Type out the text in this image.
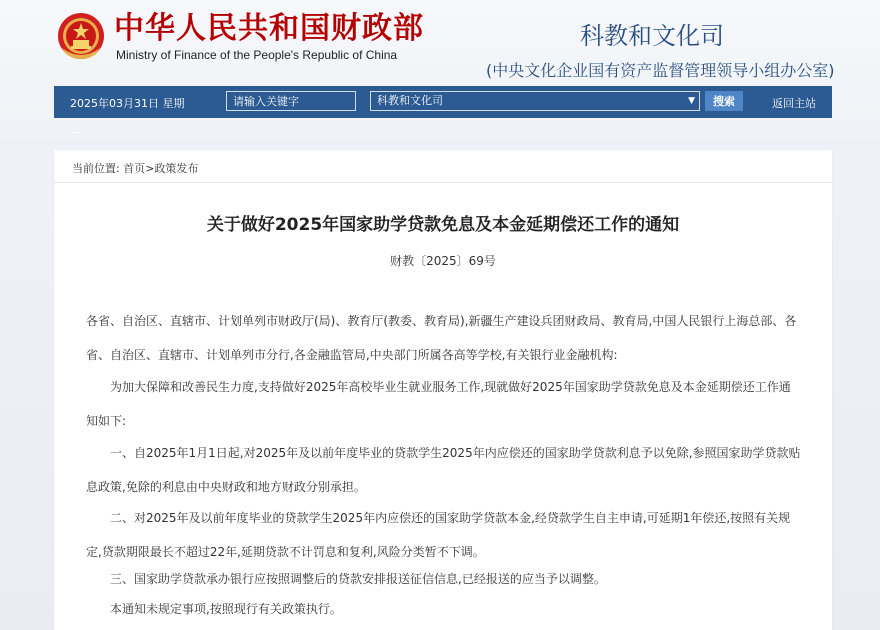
中华人民共和国财政部
Ministry of Finance of the People's Republic of China
科教和文化司
(中央文化企业国有资产监督管理领导小组办公室)
2025年03月31日 星期
请输入关键字	科教和文化司	▼	搜索	返回主站
当前位置: 首页>政策发布
关于做好2025年国家助学贷款免息及本金延期偿还工作的通知
财教〔2025〕69号
各省、自治区、直辖市、计划单列市财政厅(局)、教育厅(教委、教育局),新疆生产建设兵团财政局、教育局,中国人民银行上海总部、各省、自治区、直辖市、计划单列市分行,各金融监管局,中央部门所属各高等学校,有关银行业金融机构:
为加大保障和改善民生力度,支持做好2025年高校毕业生就业服务工作,现就做好2025年国家助学贷款免息及本金延期偿还工作通知如下:
一、自2025年1月1日起,对2025年及以前年度毕业的贷款学生2025年内应偿还的国家助学贷款利息予以免除,参照国家助学贷款贴息政策,免除的利息由中央财政和地方财政分别承担。
二、对2025年及以前年度毕业的贷款学生2025年内应偿还的国家助学贷款本金,经贷款学生自主申请,可延期1年偿还,按照有关规定,贷款期限最长不超过22年,延期贷款不计罚息和复利,风险分类暂不下调。
三、国家助学贷款承办银行应按照调整后的贷款安排报送征信信息,已经报送的应当予以调整。
本通知未规定事项,按照现行有关政策执行。
